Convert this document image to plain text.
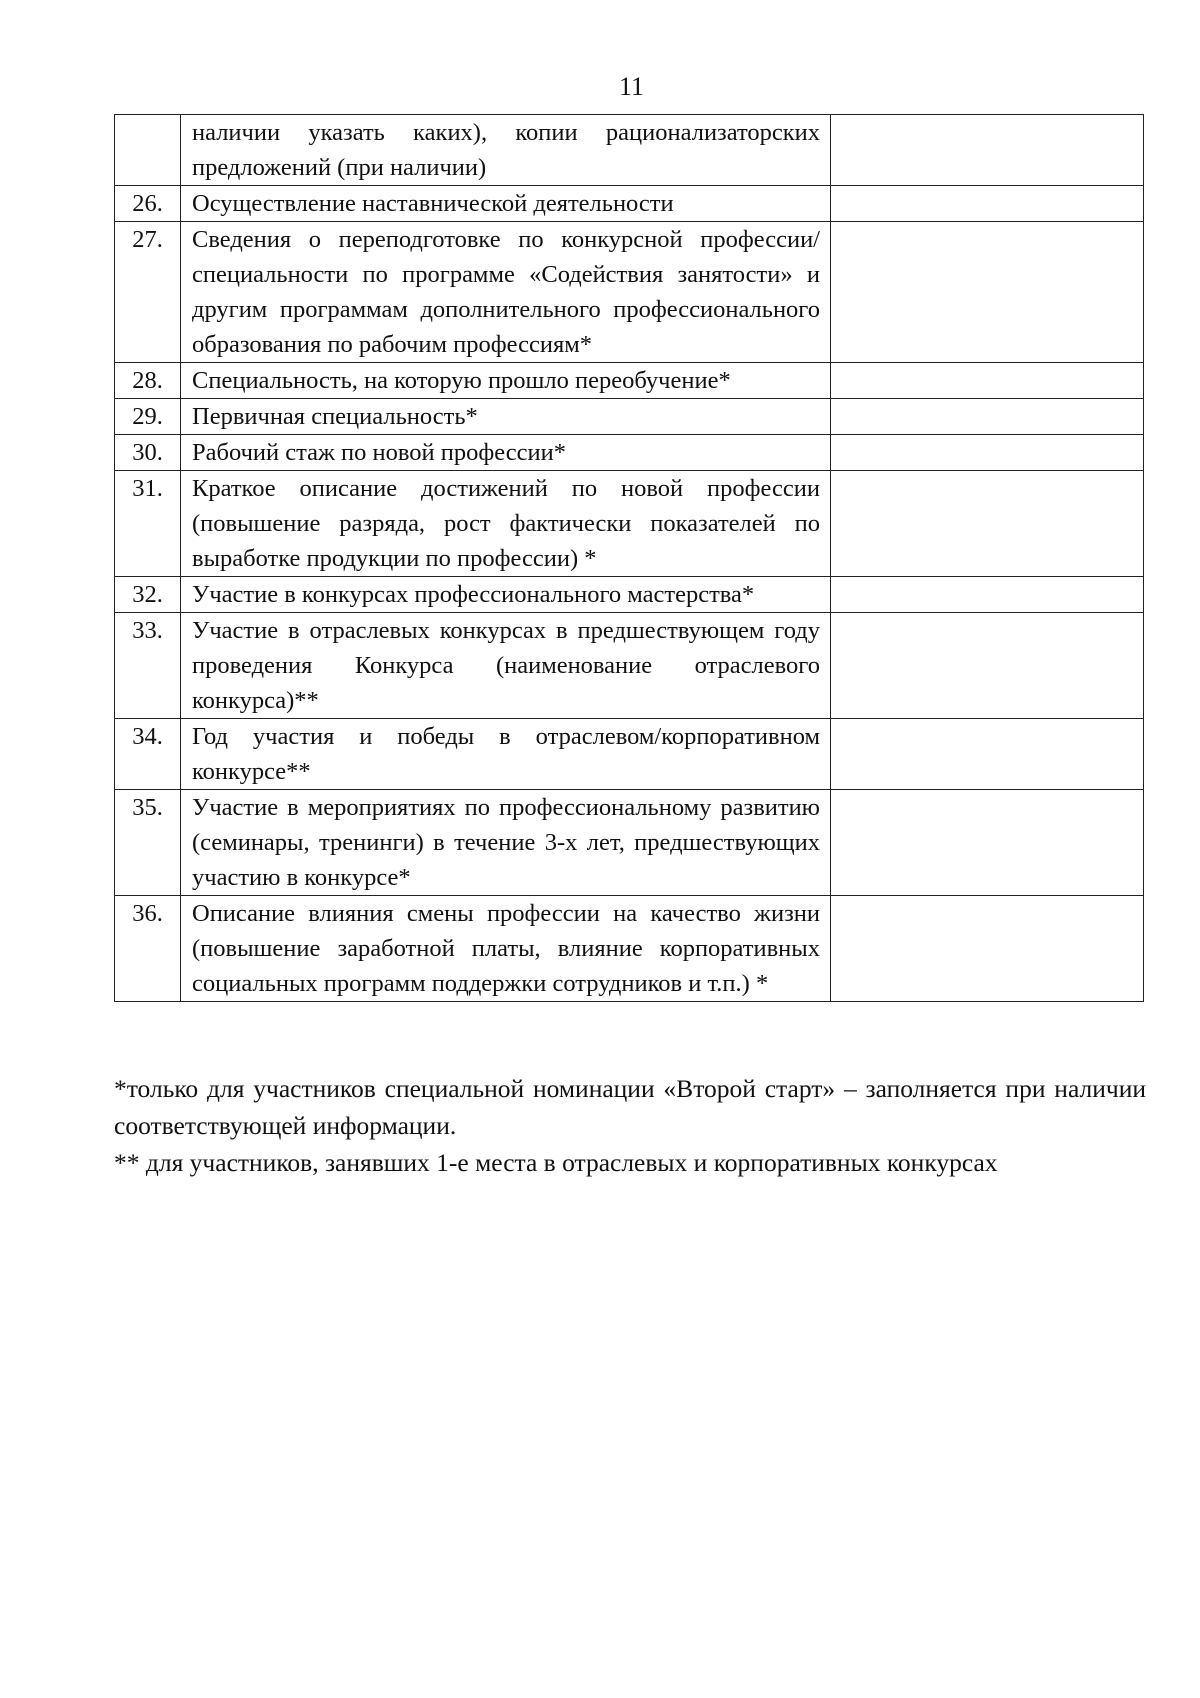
11

	наличии указать каких), копии рационализаторских предложений (при наличии)	

26.	Осуществление наставнической деятельности	

27.	Сведения о переподготовке по конкурсной профессии/специальности по программе «Содействия занятости» и другим программам дополнительного профессионального образования по рабочим профессиям*	

28.	Специальность, на которую прошло переобучение*	

29.	Первичная специальность*	

30.	Рабочий стаж по новой профессии*	

31.	Краткое описание достижений по новой профессии (повышение разряда, рост фактически показателей по выработке продукции по профессии) *	

32.	Участие в конкурсах профессионального мастерства*	

33.	Участие в отраслевых конкурсах в предшествующем году проведения Конкурса (наименование отраслевого конкурса)**	

34.	Год участия и победы в отраслевом/корпоративном конкурсе**	

35.	Участие в мероприятиях по профессиональному развитию (семинары, тренинги) в течение 3-х лет, предшествующих участию в конкурсе*	

36.	Описание влияния смены профессии на качество жизни (повышение заработной платы, влияние корпоративных социальных программ поддержки сотрудников и т.п.) *	

*только для участников специальной номинации «Второй старт» – заполняется при наличии соответствующей информации.

** для участников, занявших 1-е места в отраслевых и корпоративных конкурсах
